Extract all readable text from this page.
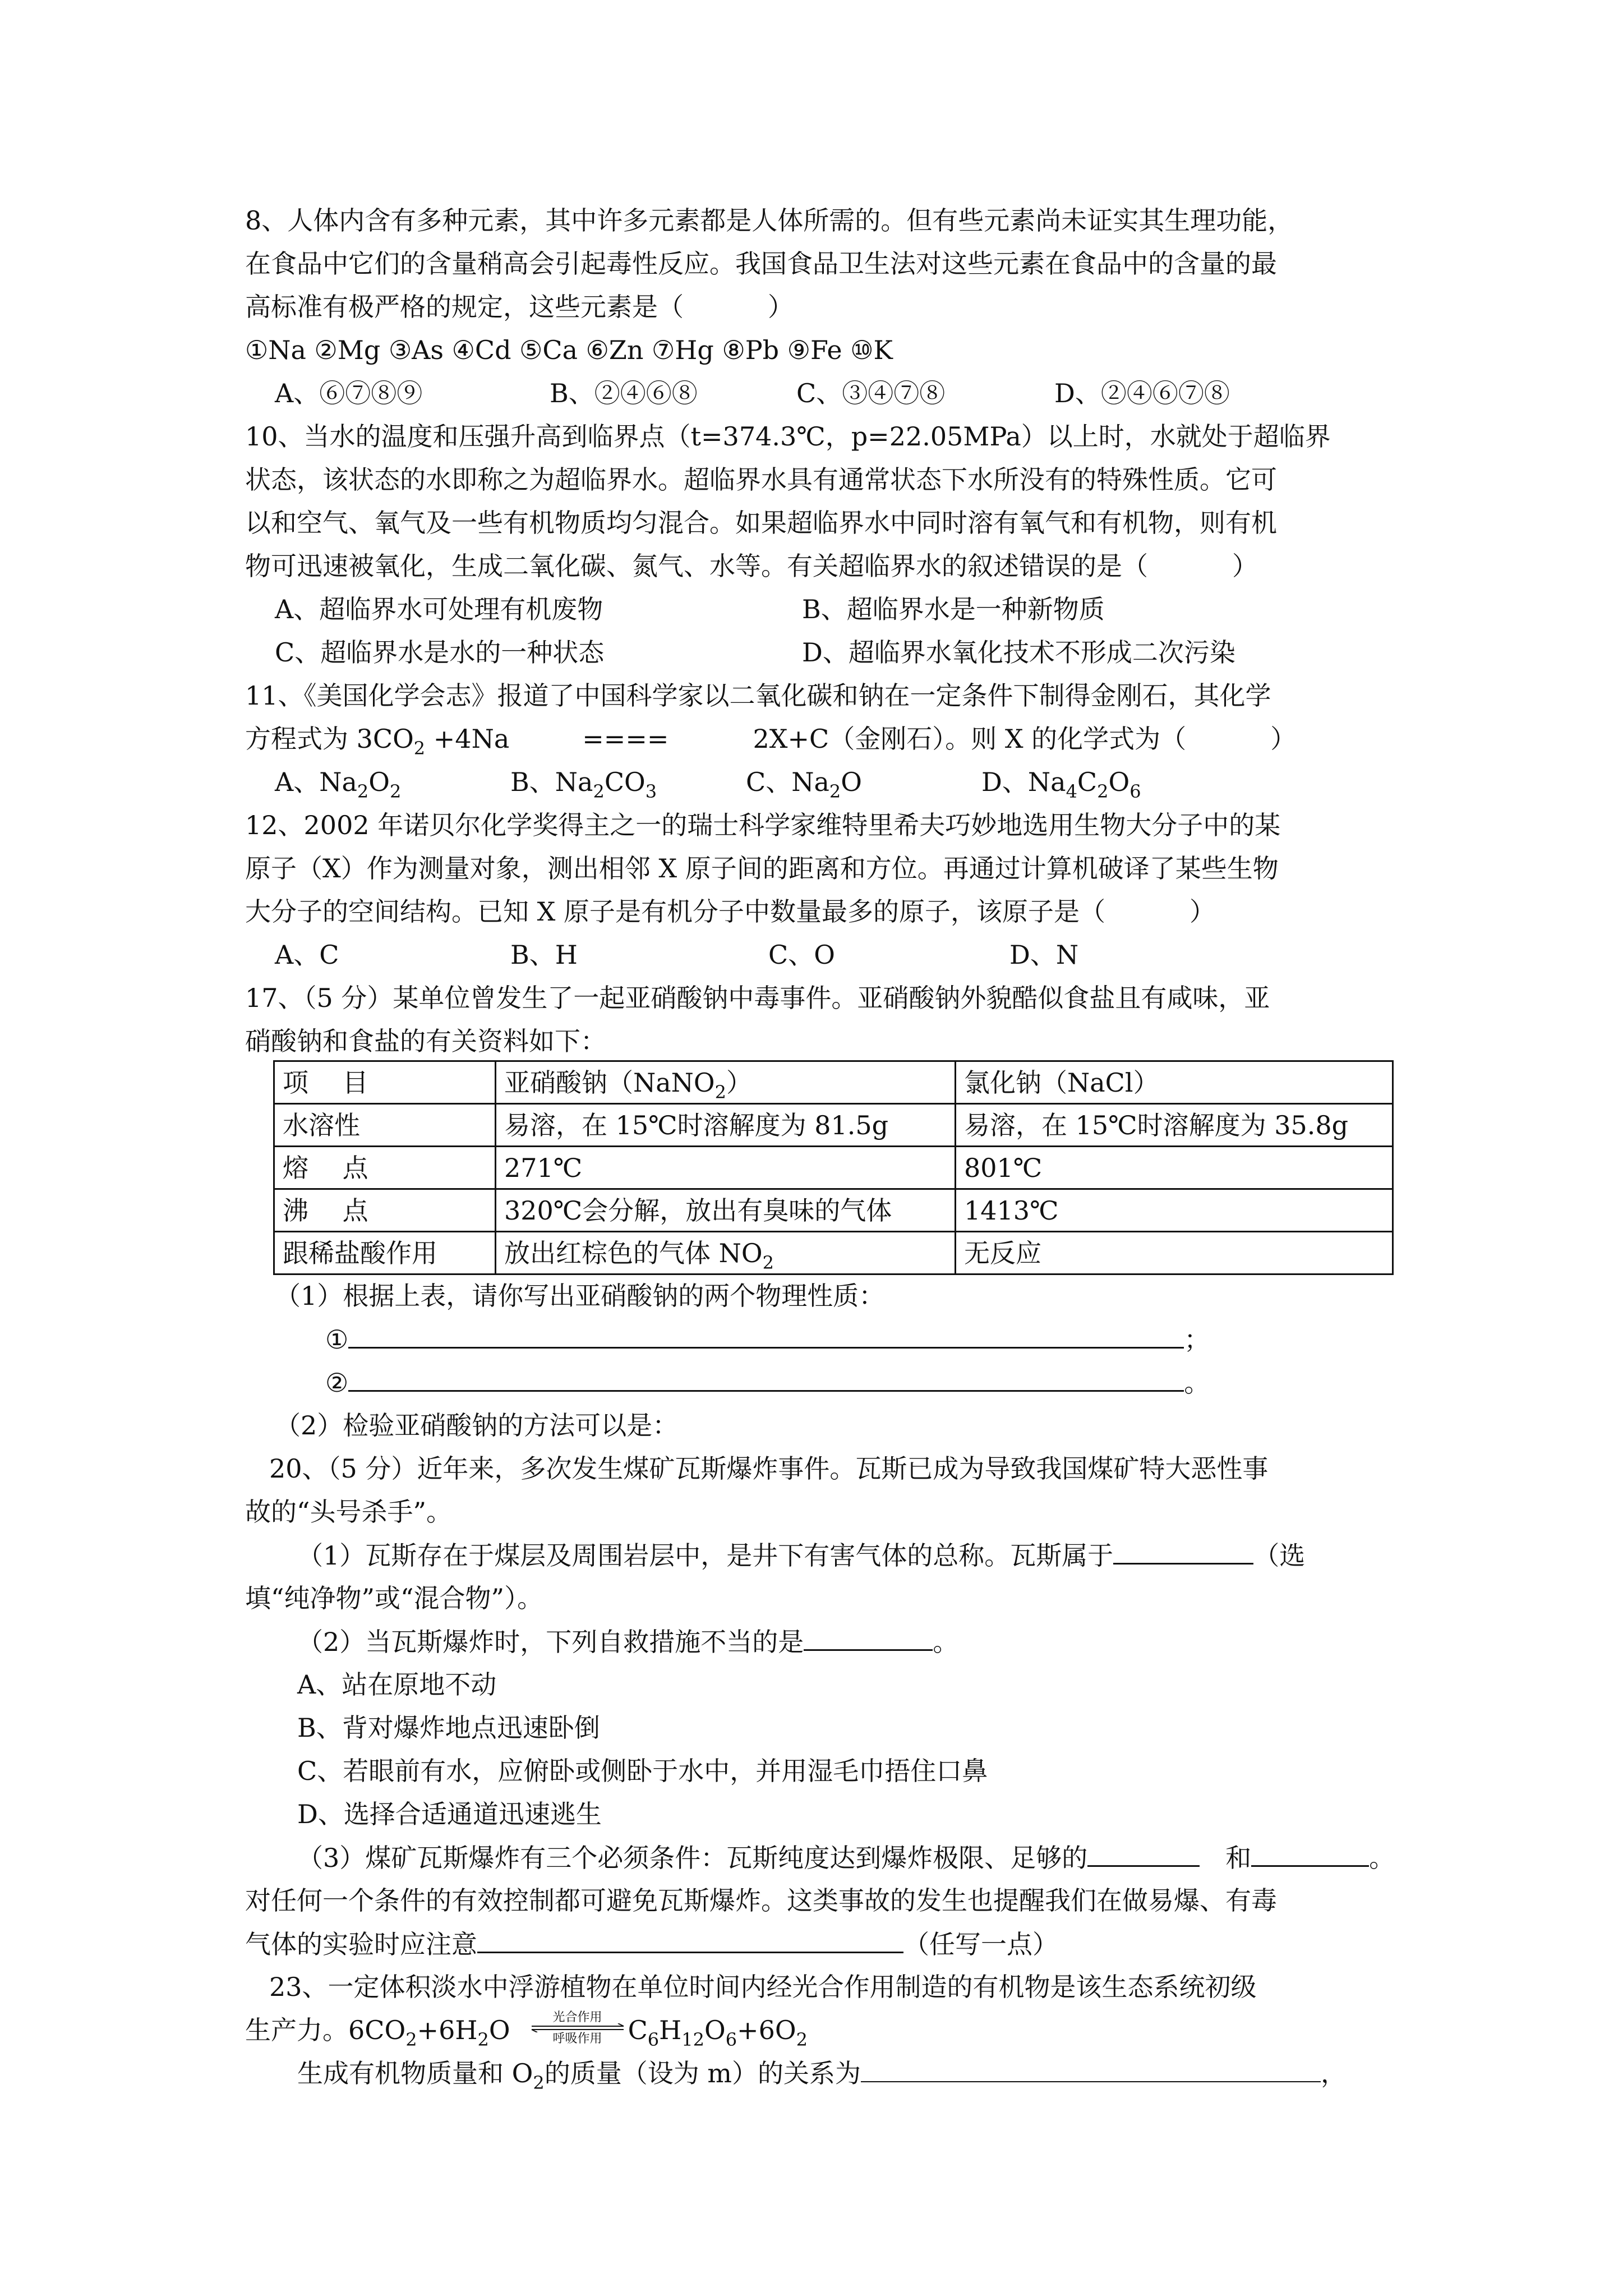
8、人体内含有多种元素，其中许多元素都是人体所需的。但有些元素尚未证实其生理功能，
在食品中它们的含量稍高会引起毒性反应。我国食品卫生法对这些元素在食品中的含量的最
高标准有极严格的规定，这些元素是（	）
①Na ②Mg ③As ④Cd ⑤Ca ⑥Zn ⑦Hg ⑧Pb ⑨Fe ⑩K
A、⑥⑦⑧⑨	B、②④⑥⑧	C、③④⑦⑧	D、②④⑥⑦⑧
10、当水的温度和压强升高到临界点（t=374.3℃，p=22.05MPa）以上时，水就处于超临界
状态，该状态的水即称之为超临界水。超临界水具有通常状态下水所没有的特殊性质。它可
以和空气、氧气及一些有机物质均匀混合。如果超临界水中同时溶有氧气和有机物，则有机
物可迅速被氧化，生成二氧化碳、氮气、水等。有关超临界水的叙述错误的是（	）
A、超临界水可处理有机废物	B、超临界水是一种新物质
C、超临界水是水的一种状态	D、超临界水氧化技术不形成二次污染
11、《美国化学会志》报道了中国科学家以二氧化碳和钠在一定条件下制得金刚石，其化学
方程式为 $3CO_2 +4Na$	====	2X+C（金刚石）。则 X 的化学式为（	）
A、$Na_2O_2$	B、$Na_2CO_3$	C、$Na_2O$	D、$Na_4C_2O_6$
12、2002 年诺贝尔化学奖得主之一的瑞士科学家维特里希夫巧妙地选用生物大分子中的某
原子（X）作为测量对象，测出相邻 X 原子间的距离和方位。再通过计算机破译了某些生物
大分子的空间结构。已知 X 原子是有机分子中数量最多的原子，该原子是（	）
A、C	B、H	C、O	D、N
17、（5 分）某单位曾发生了一起亚硝酸钠中毒事件。亚硝酸钠外貌酷似食盐且有咸味，亚
硝酸钠和食盐的有关资料如下：
项　 目	亚硝酸钠（NaNO$_2$）	氯化钠（NaCl）
水溶性	易溶，在 15℃时溶解度为 81.5g	易溶，在 15℃时溶解度为 35.8g
熔　 点	271℃	801℃
沸　 点	320℃会分解，放出有臭味的气体	1413℃
跟稀盐酸作用	放出红棕色的气体 $NO_2$	无反应
（1）根据上表，请你写出亚硝酸钠的两个物理性质：
①	；
②	。
（2）检验亚硝酸钠的方法可以是：
20、（5 分）近年来，多次发生煤矿瓦斯爆炸事件。瓦斯已成为导致我国煤矿特大恶性事
故的“头号杀手”。
（1）瓦斯存在于煤层及周围岩层中，是井下有害气体的总称。瓦斯属于	（选
填“纯净物”或“混合物”）。
（2）当瓦斯爆炸时，下列自救措施不当的是	。
A、站在原地不动
B、背对爆炸地点迅速卧倒
C、若眼前有水，应俯卧或侧卧于水中，并用湿毛巾捂住口鼻
D、选择合适通道迅速逃生
（3）煤矿瓦斯爆炸有三个必须条件：瓦斯纯度达到爆炸极限、足够的	和	。
对任何一个条件的有效控制都可避免瓦斯爆炸。这类事故的发生也提醒我们在做易爆、有毒
气体的实验时应注意	（任写一点）
23、一定体积淡水中浮游植物在单位时间内经光合作用制造的有机物是该生态系统初级
生产力。$6CO_2+6H_2O$	光合作用
呼吸作用	$C_6H_{12}O_6+6O_2$
生成有机物质量和 $O_2$的质量（设为 m）的关系为	，
